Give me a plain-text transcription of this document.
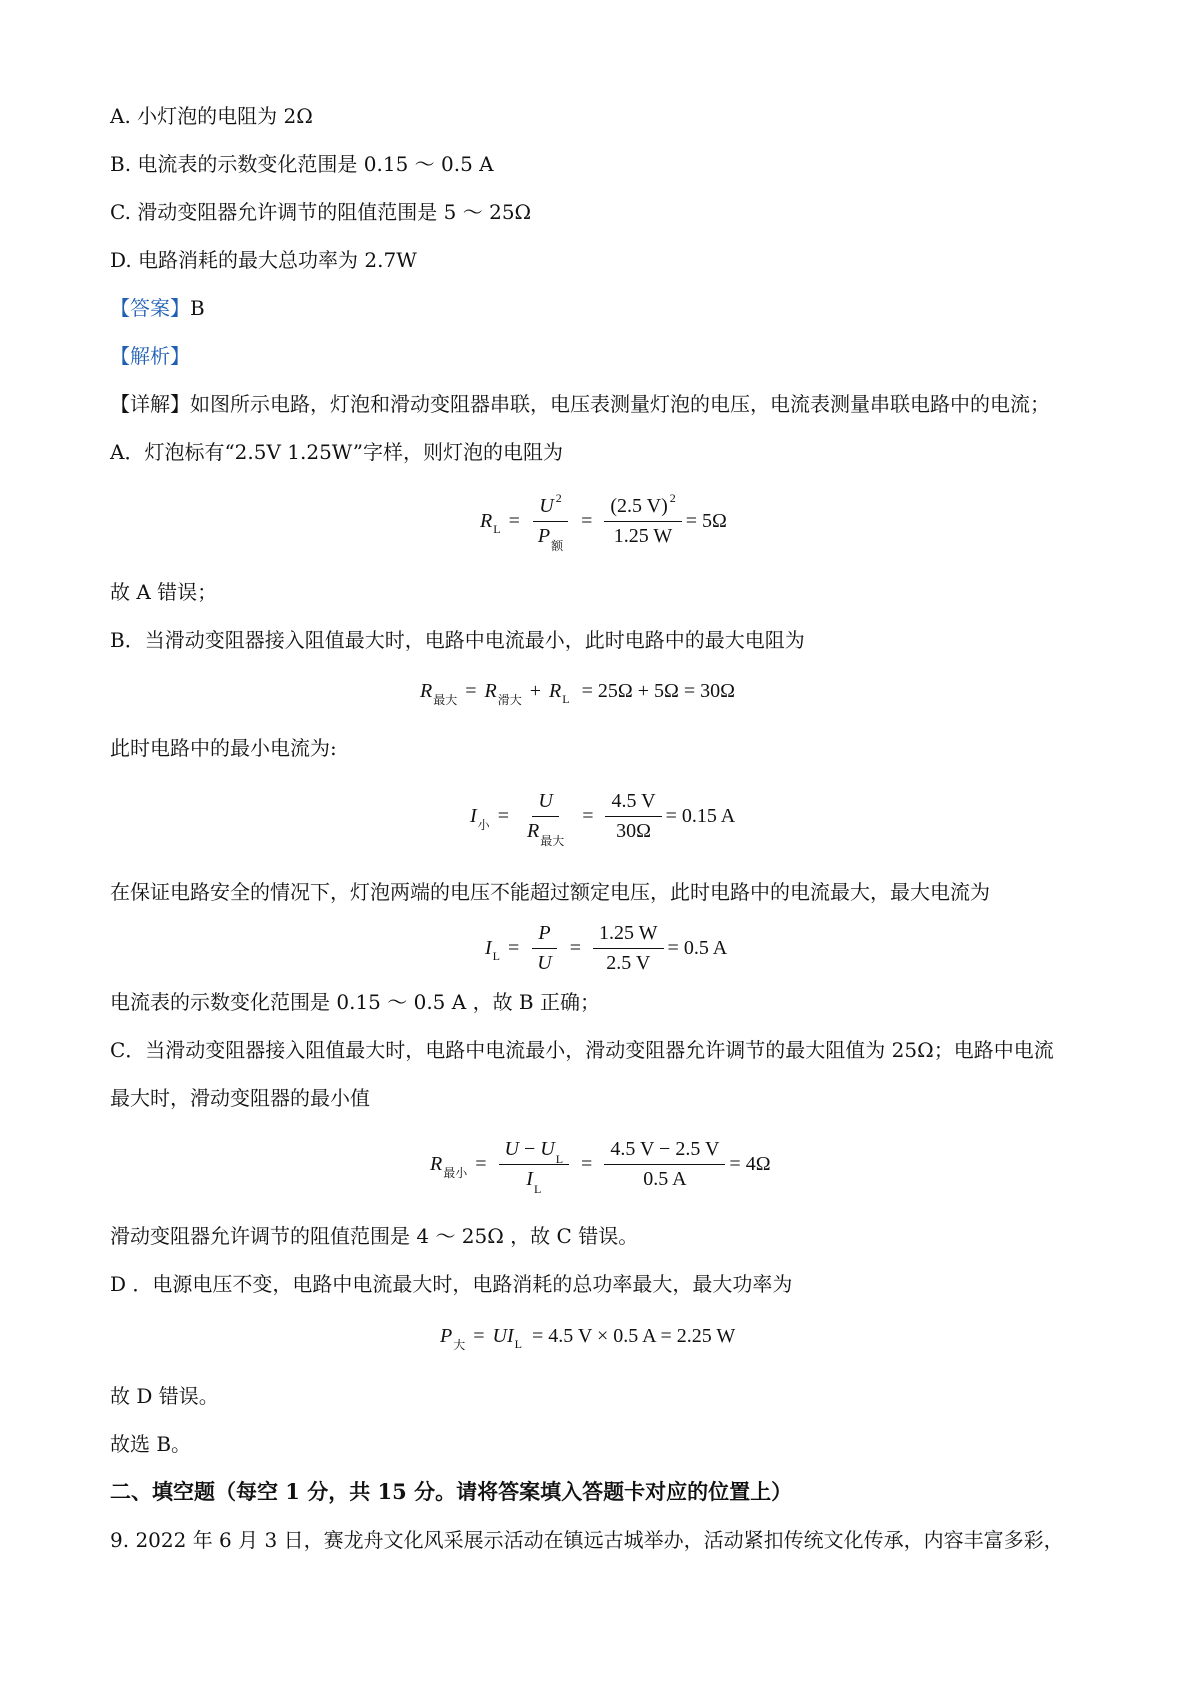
A. 小灯泡的电阻为 2Ω
B. 电流表的示数变化范围是 0.15 ～ 0.5 A
C. 滑动变阻器允许调节的阻值范围是 5 ～ 25Ω
D. 电路消耗的最大总功率为 2.7W
【答案】B
【解析】
【详解】如图所示电路，灯泡和滑动变阻器串联，电压表测量灯泡的电压，电流表测量串联电路中的电流；
A．灯泡标有“2.5V 1.25W”字样，则灯泡的电阻为
R $L = \frac{U ^2}{P_额} = \frac{(2.5 V) ^2}{1.25 W} = 5\Omega$
故 A 错误；
B．当滑动变阻器接入阻值最大时，电路中电流最小，此时电路中的最大电阻为
R 最大 = R 滑大 + R L = 25Ω + 5Ω = 30Ω
此时电路中的最小电流为:
I 小 = $\frac{U}{R_{最大}} = \frac{4.5 V}{30\Omega} = 0.15$ A
在保证电路安全的情况下，灯泡两端的电压不能超过额定电压，此时电路中的电流最大，最大电流为
I $L = \frac{P}{U} = \frac{1.25 W}{2.5 V} = 0.5$ A
电流表的示数变化范围是 0.15 ～ 0.5 A ，故 B 正确；
C．当滑动变阻器接入阻值最大时，电路中电流最小，滑动变阻器允许调节的最大阻值为 25Ω；电路中电流
最大时，滑动变阻器的最小值
R 最小 = $\frac{U - U_L}{I_L} = \frac{4.5 V - 2.5 V}{0.5 A} = 4\Omega$
滑动变阻器允许调节的阻值范围是 4 ～ 25Ω ，故 C 错误。
D ．电源电压不变，电路中电流最大时，电路消耗的总功率最大，最大功率为
P 大 = UI L = 4.5 V × 0.5 A = 2.25 W
故 D 错误。
故选 B。
二、填空题（每空 1 分，共 15 分。请将答案填入答题卡对应的位置上）
9. 2022 年 6 月 3 日，赛龙舟文化风采展示活动在镇远古城举办，活动紧扣传统文化传承，内容丰富多彩，
